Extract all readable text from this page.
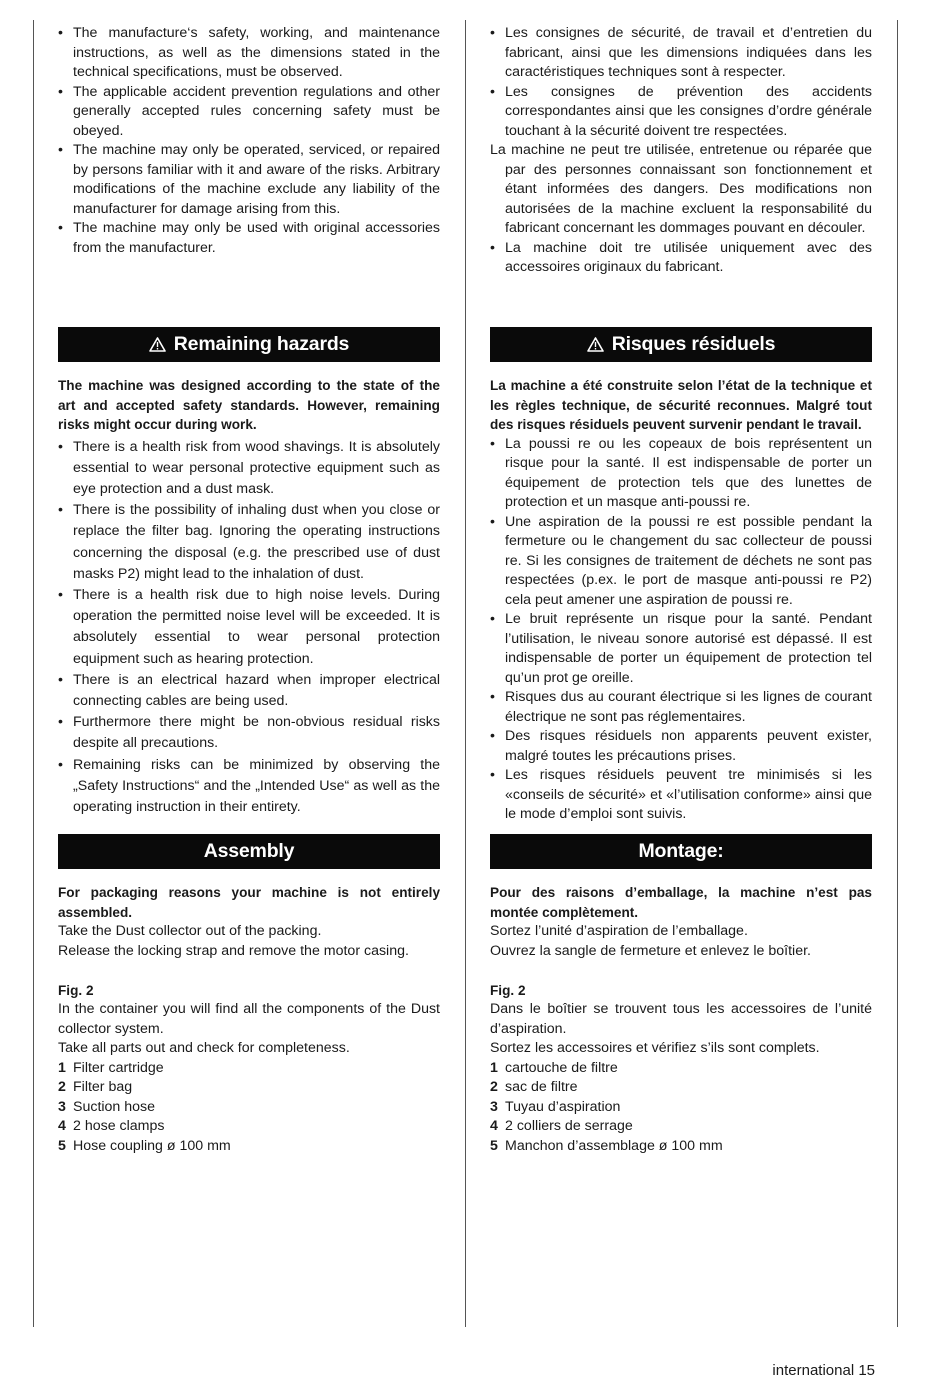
• The manufacture‘s safety, working, and maintenance instructions, as well as the dimensions stated in the technical specifications, must be observed.
• The applicable accident prevention regulations and other generally accepted rules concerning safety must be obeyed.
• The machine may only be operated, serviced, or repaired by persons familiar with it and aware of the risks. Arbitrary modifications of the machine exclude any liability of the manufacturer for damage arising from this.
• The machine may only be used with original accessories from the manufacturer.
• Les consignes de sécurité, de travail et d’entretien du fabricant, ainsi que les dimensions indiquées dans les caractéristiques techniques sont à respecter.
• Les consignes de prévention des accidents correspondantes ainsi que les consignes d’ordre générale touchant à la sécurité doivent tre respectées.

La machine ne peut tre utilisée, entretenue ou réparée que par des personnes connaissant son fonctionnement et étant informées des dangers. Des modifications non autorisées de la machine excluent la responsabilité du fabricant concernant les dommages pouvant en découler.

• La machine doit tre utilisée uniquement avec des accessoires originaux du fabricant.
Remaining hazards	Risques résiduels

The machine was designed according to the state of the art and accepted safety standards. However, remaining risks might occur during work.

• There is a health risk from wood shavings. It is absolutely essential to wear personal protective equipment such as eye protection and a dust mask.
• There is the possibility of inhaling dust when you close or replace the filter bag. Ignoring the operating instructions concerning the disposal (e.g. the prescribed use of dust masks P2) might lead to the inhalation of dust.
• There is a health risk due to high noise levels. During operation the permitted noise level will be exceeded. It is absolutely essential to wear personal protection equipment such as hearing protection.
• There is an electrical hazard when improper electrical connecting cables are being used.
• Furthermore there might be non-obvious residual risks despite all precautions.
• Remaining risks can be minimized by observing the „Safety Instructions“ and the „Intended Use“ as well as the operating instruction in their entirety.

La machine a été construite selon l’état de la technique et les règles technique, de sécurité reconnues. Malgré tout des risques résiduels peuvent survenir pendant le travail.

• La poussi re ou les copeaux de bois représentent un risque pour la santé. Il est indispensable de porter un équipement de protection tels que des lunettes de protection et un masque anti-poussi re.
• Une aspiration de la poussi re est possible pendant la fermeture ou le changement du sac collecteur de poussi re. Si les consignes de traitement de déchets ne sont pas respectées (p.ex. le port de masque anti-poussi re P2) cela peut amener une aspiration de poussi re.
• Le bruit représente un risque pour la santé. Pendant l’utilisation, le niveau sonore autorisé est dépassé. Il est indispensable de porter un équipement de protection tel qu’un prot ge oreille.
• Risques dus au courant électrique si les lignes de courant électrique ne sont pas réglementaires.
• Des risques résiduels non apparents peuvent exister, malgré toutes les précautions prises.
• Les risques résiduels peuvent tre minimisés si les «conseils de sécurité» et «l’utilisation conforme» ainsi que le mode d’emploi sont suivis.
Assembly	Montage:

For packaging reasons your machine is not entirely assembled.

Take the Dust collector out of the packing.

Release the locking strap and remove the motor casing.

Fig. 2

In the container you will find all the components of the Dust collector system.

Take all parts out and check for completeness.

1 Filter cartridge

2 Filter bag

3 Suction hose

4 2 hose clamps

5 Hose coupling ø 100 mm

Pour des raisons d’emballage, la machine n’est pas montée complètement.

Sortez l’unité d’aspiration de l’emballage.

Ouvrez la sangle de fermeture et enlevez le boîtier.

Fig. 2

Dans le boîtier se trouvent tous les accessoires de l’unité d’aspiration.

Sortez les accessoires et vérifiez s’ils sont complets.

1 cartouche de filtre

2 sac de filtre

3 Tuyau d’aspiration

4 2 colliers de serrage

5 Manchon d’assemblage ø 100 mm

international 15
